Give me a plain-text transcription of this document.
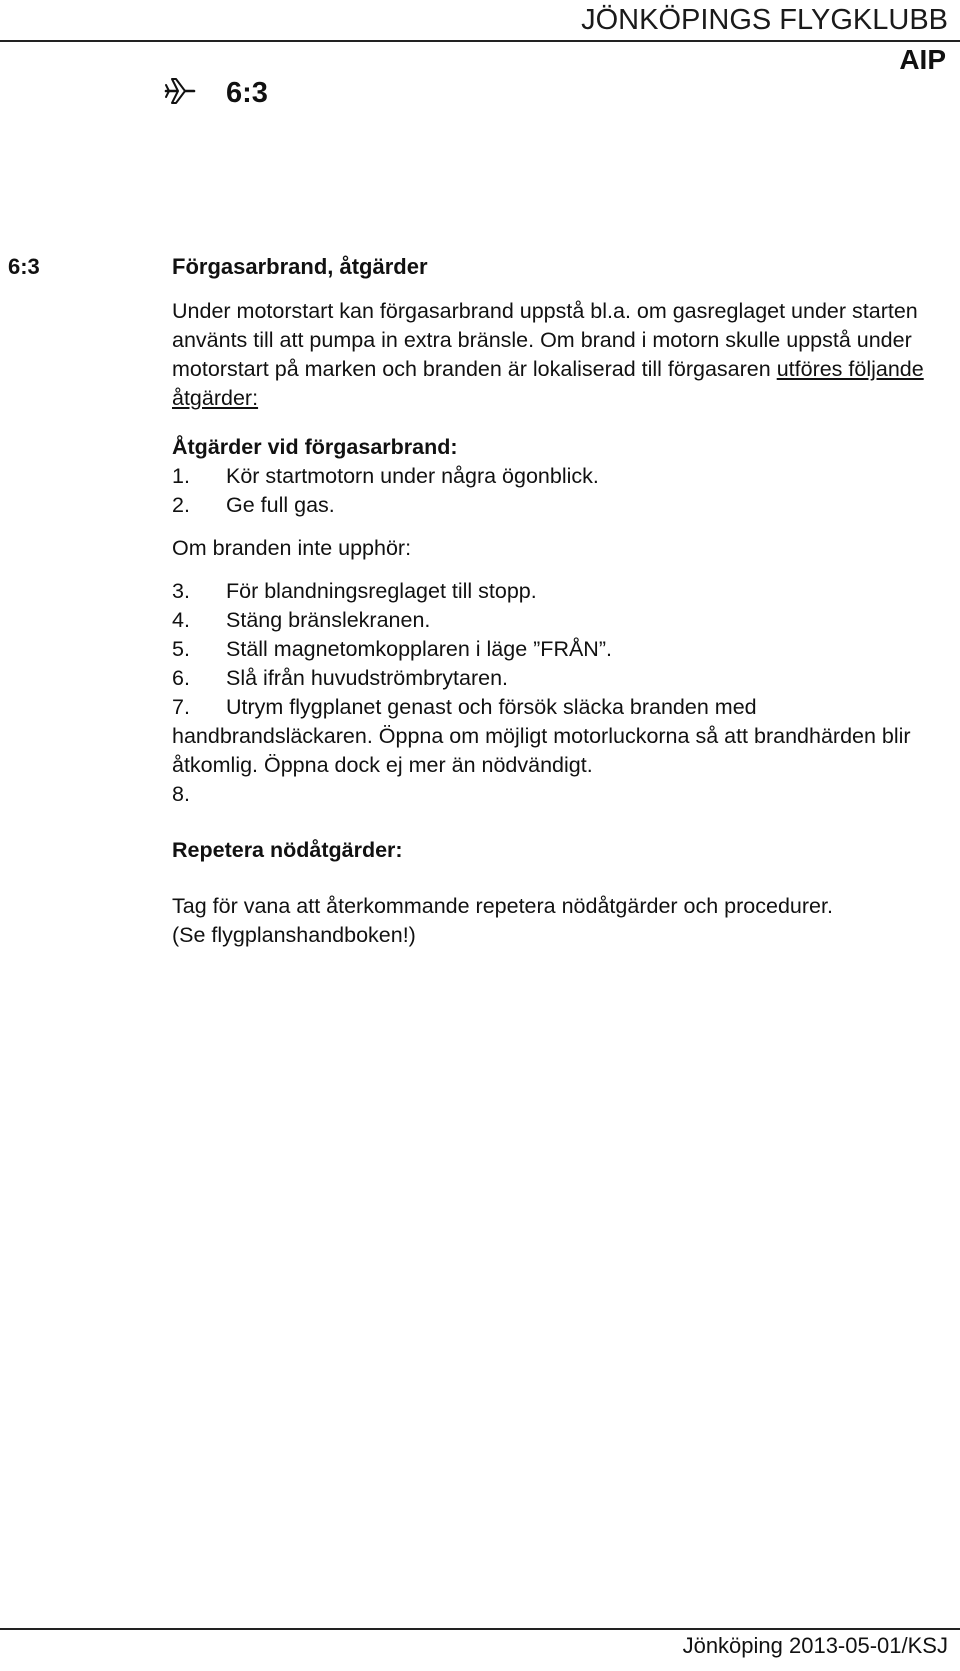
JÖNKÖPINGS FLYGKLUBB
AIP
6:3
6:3	Förgasarbrand, åtgärder

Under motorstart kan förgasarbrand uppstå bl.a. om gasreglaget under starten använts till att pumpa in extra bränsle. Om brand i motorn skulle uppstå under motorstart på marken och branden är lokaliserad till förgasaren utföres följande åtgärder:

Åtgärder vid förgasarbrand:

1. Kör startmotorn under några ögonblick.
2. Ge full gas.

Om branden inte upphör:

3. För blandningsreglaget till stopp.
4. Stäng bränslekranen.
5. Ställ magnetomkopplaren i läge ”FRÅN”.
6. Slå ifrån huvudströmbrytaren.
7. Utrym flygplanet genast och försök släcka branden med

handbrandsläckaren. Öppna om möjligt motorluckorna så att brandhärden blir åtkomlig. Öppna dock ej mer än nödvändigt.

8.

Repetera nödåtgärder:

Tag för vana att återkommande repetera nödåtgärder och procedurer.

(Se flygplanshandboken!)

Jönköping 2013-05-01/KSJ
